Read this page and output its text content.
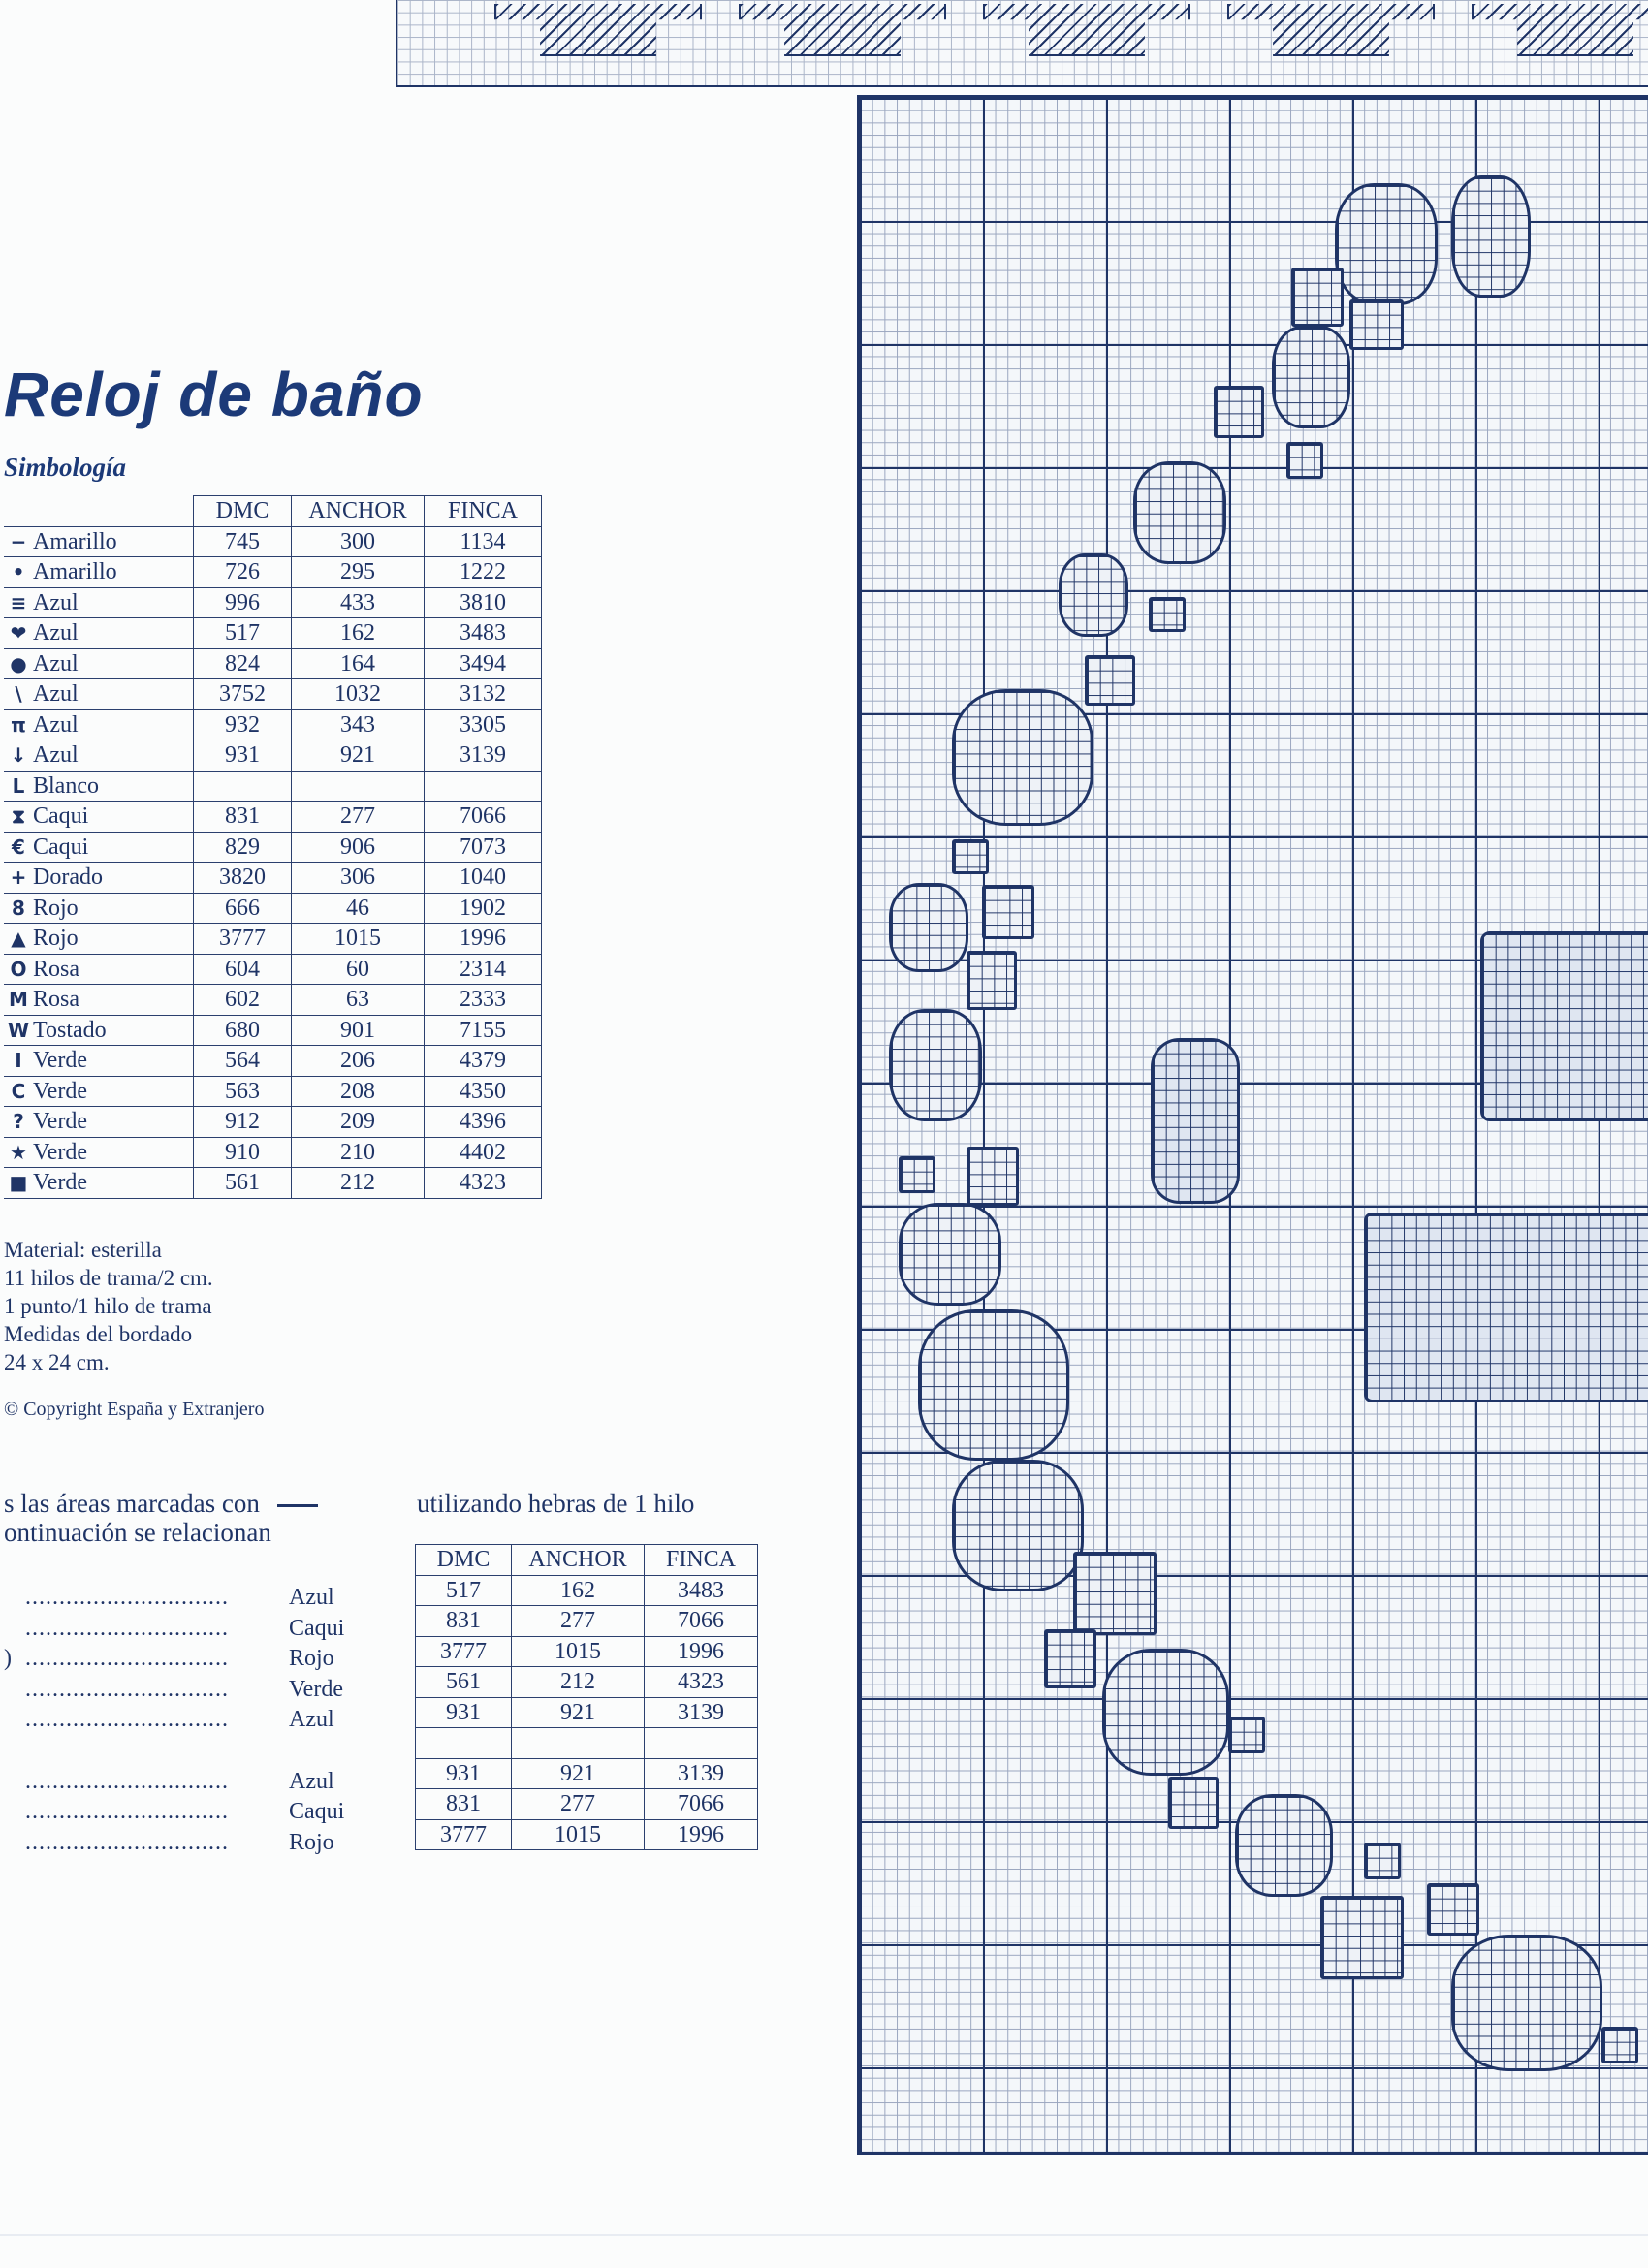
Reloj de baño
Simbología
	DMC	ANCHOR	FINCA
− Amarillo	745	300	1134
• Amarillo	726	295	1222
≡ Azul	996	433	3810
❤ Azul	517	162	3483
● Azul	824	164	3494
\ Azul	3752	1032	3132
π Azul	932	343	3305
↓ Azul	931	921	3139
L Blanco			
⧗ Caqui	831	277	7066
€ Caqui	829	906	7073
+ Dorado	3820	306	1040
8 Rojo	666	46	1902
▲ Rojo	3777	1015	1996
O Rosa	604	60	2314
M Rosa	602	63	2333
W Tostado	680	901	7155
I Verde	564	206	4379
C Verde	563	208	4350
? Verde	912	209	4396
★ Verde	910	210	4402
■ Verde	561	212	4323
Material: esterilla
11 hilos de trama/2 cm.
1 punto/1 hilo de trama
Medidas del bordado
24 x 24 cm.
© Copyright España y Extranjero
s las áreas marcadas con
ontinuación se relacionan
utilizando hebras de 1 hilo
..............................	Azul
..............................	Caqui
) ..............................	Rojo
..............................	Verde
..............................	Azul
..............................	Azul
..............................	Caqui
..............................	Rojo
DMC	ANCHOR	FINCA
517	162	3483
831	277	7066
3777	1015	1996
561	212	4323
931	921	3139

931	921	3139
831	277	7066
3777	1015	1996
